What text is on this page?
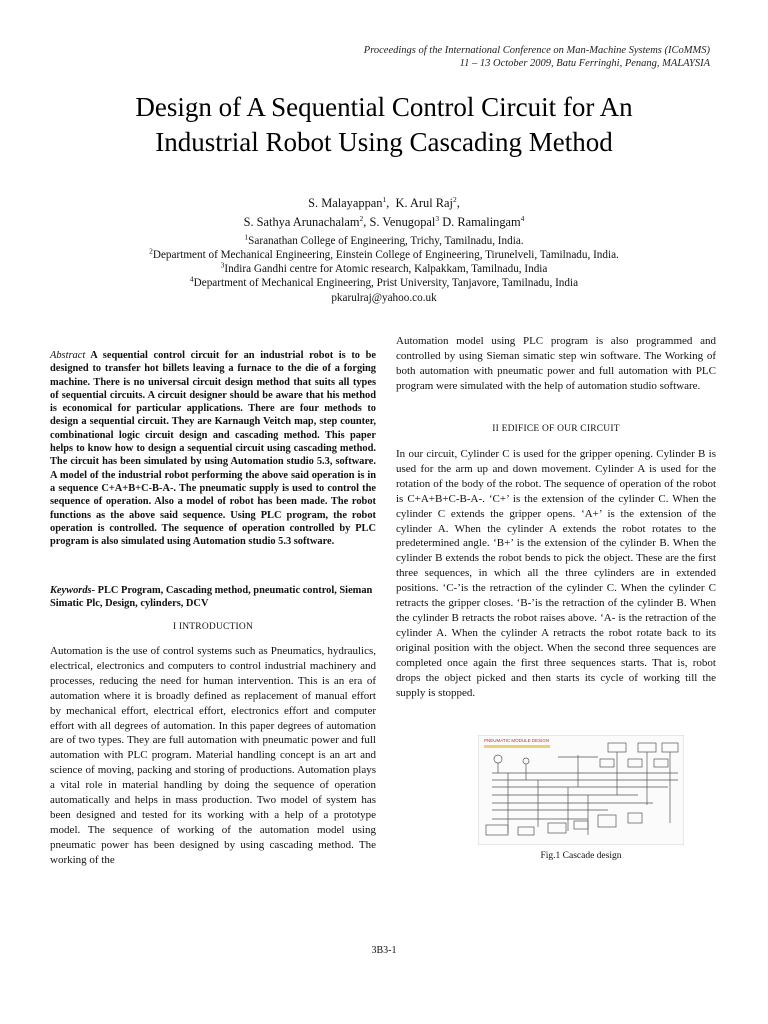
Proceedings of the International Conference on Man-Machine Systems (ICoMMS)
11 – 13 October 2009, Batu Ferringhi, Penang, MALAYSIA
Design of A Sequential Control Circuit for An
Industrial Robot Using Cascading Method
S. Malayappan$^1$,  K. Arul Raj$^2$,
S. Sathya Arunachalam$^2$, S. Venugopal$^3$ D. Ramalingam$^4$
$^1$Saranathan College of Engineering, Trichy, Tamilnadu, India.
$^2$Department of Mechanical Engineering, Einstein College of Engineering, Tirunelveli, Tamilnadu, India.
$^3$Indira Gandhi centre for Atomic research, Kalpakkam, Tamilnadu, India
$^4$Department of Mechanical Engineering, Prist University, Tanjavore, Tamilnadu, India
pkarulraj@yahoo.co.uk
Abstract A sequential control circuit for an industrial robot is to be designed to transfer hot billets leaving a furnace to the die of a forging machine. There is no universal circuit design method that suits all types of sequential circuits. A circuit designer should be aware that his method is economical for particular applications. There are four methods to design a sequential circuit. They are Karnaugh Veitch map, step counter, combinational logic circuit design and cascading method. This paper helps to know how to design a sequential circuit using cascading method. The circuit has been simulated by using Automation studio 5.3, software. A model of the industrial robot performing the above said operation is in a sequence C+A+B+C-B-A-. The pneumatic supply is used to control the sequence of operation. Also a model of robot has been made. The robot functions as the above said sequence. Using PLC program, the robot operation is controlled. The sequence of operation controlled by PLC program is also simulated using Automation studio 5.3 software.
Keywords- PLC Program, Cascading method, pneumatic control, Sieman Simatic Plc, Design, cylinders, DCV
I INTRODUCTION
Automation is the use of control systems such as Pneumatics, hydraulics, electrical, electronics and computers to control industrial machinery and processes, reducing the need for human intervention. This is an era of automation where it is broadly defined as replacement of manual effort by mechanical effort, electrical effort, electronics effort and computer effort with all degrees of automation. In this paper degrees of automation are of two types. They are full automation with pneumatic power and full automation with PLC program. Material handling concept is an art and science of moving, packing and storing of productions. Automation plays a vital role in material handling by doing the sequence of operation automatically and helps in mass production. Two model of system has been designed and tested for its working with a help of a prototype model. The sequence of working of the automation model using pneumatic power has been designed by using cascading method. The working of the
Automation model using PLC program is also programmed and controlled by using Sieman simatic step win software. The Working of both automation with pneumatic power and full automation with PLC program were simulated with the help of automation studio software.
II EDIFICE OF OUR CIRCUIT
In our circuit, Cylinder C is used for the gripper opening. Cylinder B is used for the arm up and down movement. Cylinder A is used for the rotation of the body of the robot. The sequence of operation of the robot is C+A+B+C-B-A-. ‘C+’ is the extension of the cylinder C. When the cylinder C extends the gripper opens. ‘A+’ is the extension of the cylinder A. When the cylinder A extends the robot rotates to the predetermined angle. ‘B+’ is the extension of the cylinder B. When the cylinder B extends the robot bends to pick the object. These are the first three sequences, in which all the three cylinders are in extended positions. ‘C-’is the retraction of the cylinder C. When the cylinder C retracts the gripper closes. ‘B-’is the retraction of the cylinder B. When the cylinder B retracts the robot raises above. ‘A- is the retraction of the cylinder A. When the cylinder A retracts the robot rotate back to its original position with the object. When the second three sequences are completed once again the first three sequences starts. That is, robot drops the object picked and then starts its cycle of working till the supply is stopped.
PNEUMATIC MODULE DESIGN
Fig.1 Cascade design
3B3-1
